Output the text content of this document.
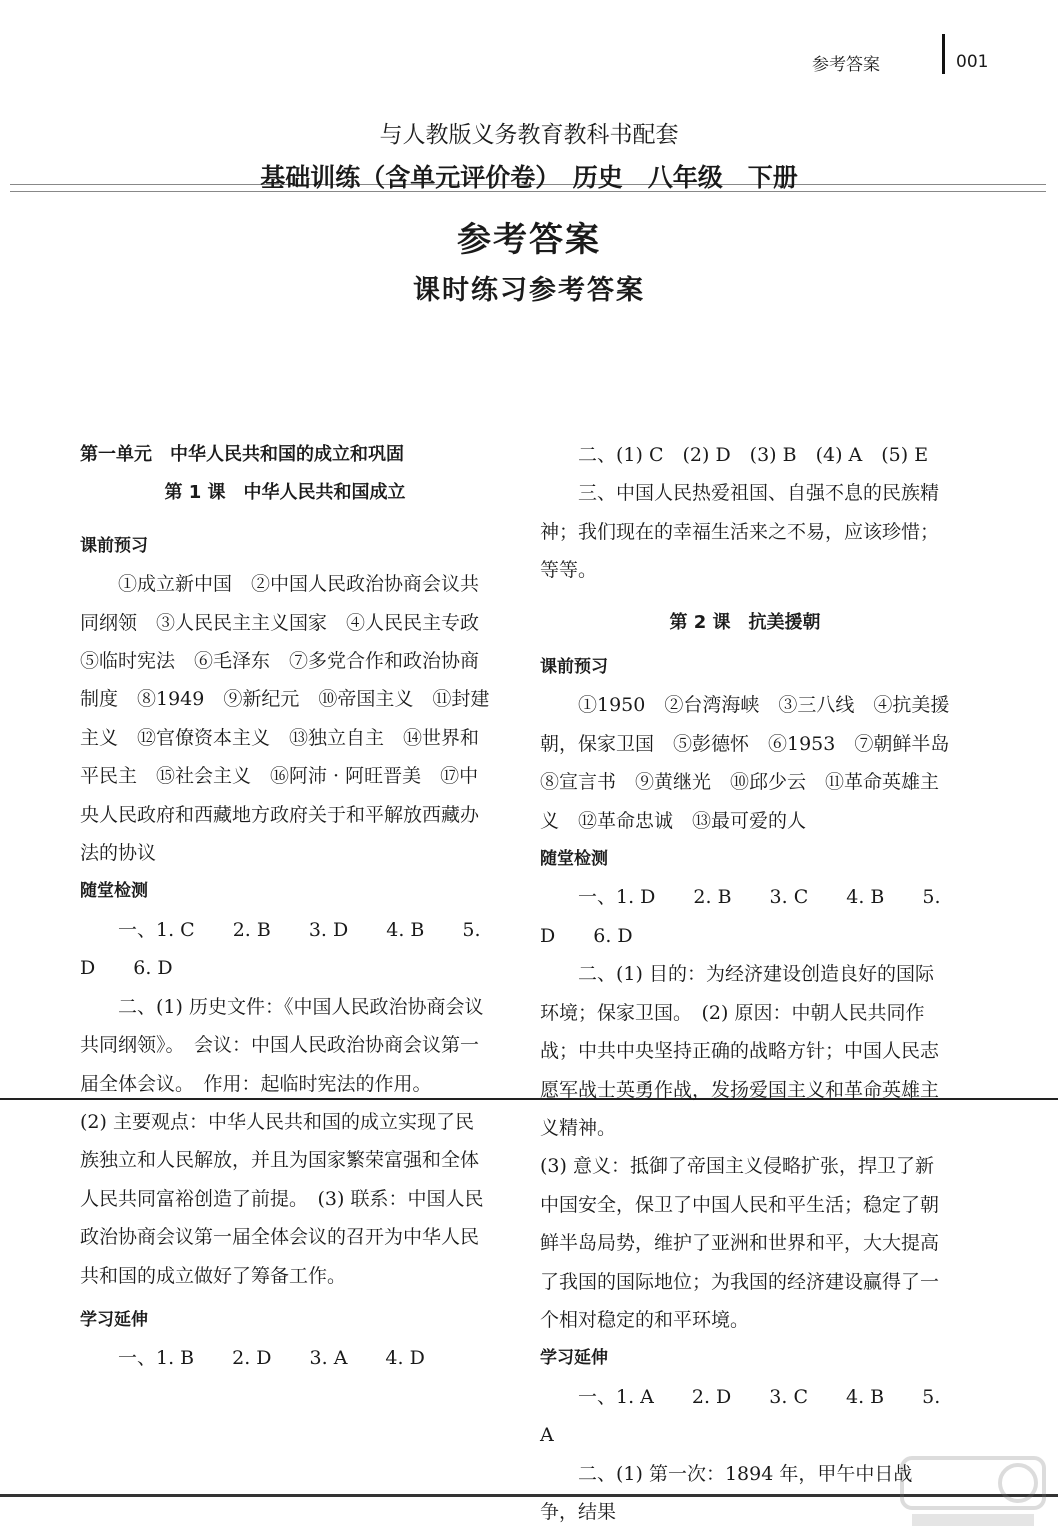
参考答案	001
与人教版义务教育教科书配套
基础训练（含单元评价卷）　历史　八年级　下册
参考答案
课时练习参考答案

第一单元　中华人民共和国的成立和巩固

第 1 课　中华人民共和国成立

课前预习

①成立新中国　②中国人民政治协商会议共同纲领　③人民民主主义国家　④人民民主专政　⑤临时宪法　⑥毛泽东　⑦多党合作和政治协商制度　⑧1949　⑨新纪元　⑩帝国主义　⑪封建主义　⑫官僚资本主义　⑬独立自主　⑭世界和平民主　⑮社会主义　⑯阿沛 · 阿旺晋美　⑰中央人民政府和西藏地方政府关于和平解放西藏办法的协议

随堂检测

一、1. C　　2. B　　3. D　　4. B　　5. D　　6. D

二、(1) 历史文件：《中国人民政治协商会议共同纲领》。　会议：中国人民政治协商会议第一届全体会议。　作用：起临时宪法的作用。

(2) 主要观点：中华人民共和国的成立实现了民族独立和人民解放，并且为国家繁荣富强和全体人民共同富裕创造了前提。　(3) 联系：中国人民政治协商会议第一届全体会议的召开为中华人民共和国的成立做好了筹备工作。

学习延伸

一、1. B　　2. D　　3. A　　4. D

二、(1) C　(2) D　(3) B　(4) A　(5) E

三、中国人民热爱祖国、自强不息的民族精神；我们现在的幸福生活来之不易，应该珍惜；等等。

第 2 课　抗美援朝

课前预习

①1950　②台湾海峡　③三八线　④抗美援朝，保家卫国　⑤彭德怀　⑥1953　⑦朝鲜半岛　⑧宣言书　⑨黄继光　⑩邱少云　⑪革命英雄主义　⑫革命忠诚　⑬最可爱的人

随堂检测

一、1. D　　2. B　　3. C　　4. B　　5. D　　6. D

二、(1) 目的：为经济建设创造良好的国际环境；保家卫国。　(2) 原因：中朝人民共同作战；中共中央坚持正确的战略方针；中国人民志愿军战士英勇作战，发扬爱国主义和革命英雄主义精神。

(3) 意义：抵御了帝国主义侵略扩张，捍卫了新中国安全，保卫了中国人民和平生活；稳定了朝鲜半岛局势，维护了亚洲和世界和平，大大提高了我国的国际地位；为我国的经济建设赢得了一个相对稳定的和平环境。

学习延伸

一、1. A　　2. D　　3. C　　4. B　　5. A

二、(1) 第一次：1894 年，甲午中日战争，结果
